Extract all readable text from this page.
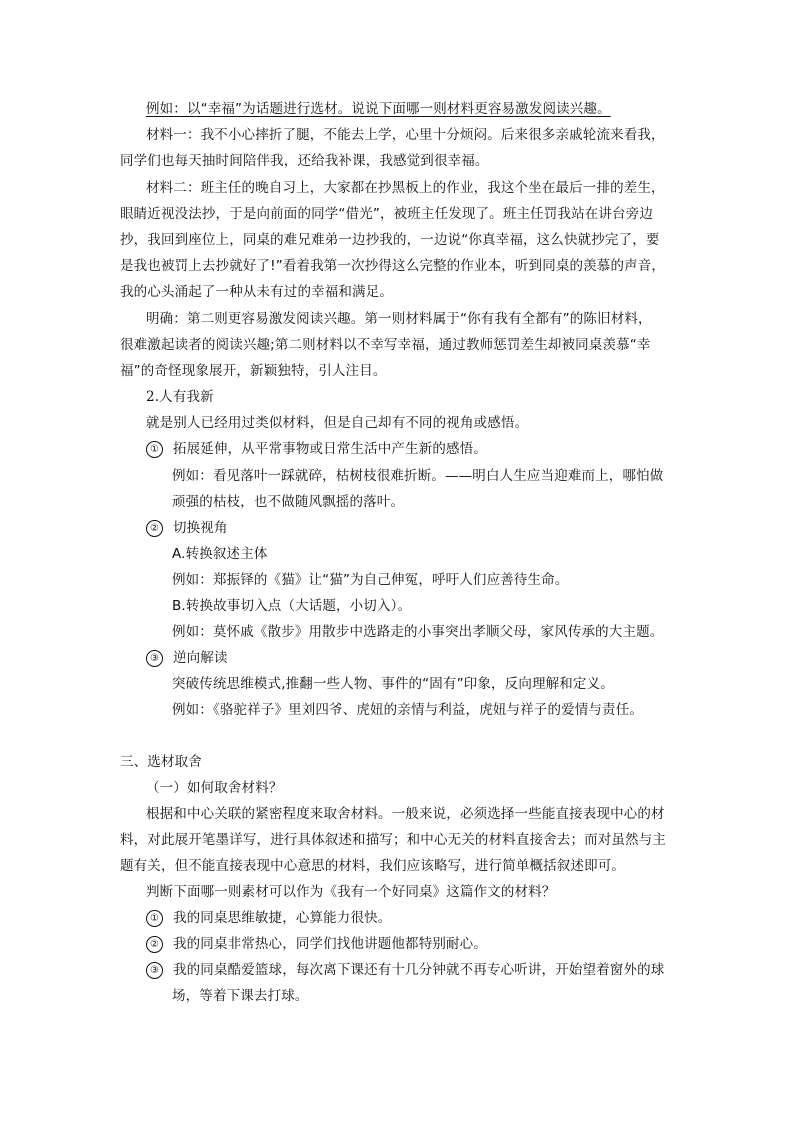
例如：以“幸福”为话题进行选材。说说下面哪一则材料更容易激发阅读兴趣。
材料一：我不小心摔折了腿，不能去上学，心里十分烦闷。后来很多亲戚轮流来看我，
同学们也每天抽时间陪伴我，还给我补课，我感觉到很幸福。
材料二：班主任的晚自习上，大家都在抄黑板上的作业，我这个坐在最后一排的差生，
眼睛近视没法抄，于是向前面的同学“借光”，被班主任发现了。班主任罚我站在讲台旁边
抄，我回到座位上，同桌的难兄难弟一边抄我的，一边说“你真幸福，这么快就抄完了，要
是我也被罚上去抄就好了!”看着我第一次抄得这么完整的作业本，听到同桌的羡慕的声音，
我的心头涌起了一种从未有过的幸福和满足。
明确：第二则更容易激发阅读兴趣。第一则材料属于“你有我有全都有”的陈旧材料，
很难激起读者的阅读兴趣;第二则材料以不幸写幸福，通过教师惩罚差生却被同桌羡慕“幸
福”的奇怪现象展开，新颖独特，引人注目。
2.人有我新
就是别人已经用过类似材料，但是自己却有不同的视角或感悟。
① 拓展延伸，从平常事物或日常生活中产生新的感悟。
例如：看见落叶一踩就碎，枯树枝很难折断。——明白人生应当迎难而上，哪怕做
顽强的枯枝，也不做随风飘摇的落叶。
② 切换视角
A.转换叙述主体
例如：郑振铎的《猫》让“猫”为自己伸冤，呼吁人们应善待生命。
B.转换故事切入点（大话题，小切入）。
例如：莫怀戚《散步》用散步中选路走的小事突出孝顺父母，家风传承的大主题。
③ 逆向解读
突破传统思维模式,推翻一些人物、事件的“固有”印象，反向理解和定义。
例如：《骆驼祥子》里刘四爷、虎妞的亲情与利益，虎妞与祥子的爱情与责任。
三、选材取舍
（一）如何取舍材料？
根据和中心关联的紧密程度来取舍材料。一般来说，必须选择一些能直接表现中心的材
料，对此展开笔墨详写，进行具体叙述和描写；和中心无关的材料直接舍去；而对虽然与主
题有关，但不能直接表现中心意思的材料，我们应该略写，进行简单概括叙述即可。
判断下面哪一则素材可以作为《我有一个好同桌》这篇作文的材料？
① 我的同桌思维敏捷，心算能力很快。
② 我的同桌非常热心，同学们找他讲题他都特别耐心。
③ 我的同桌酷爱篮球，每次离下课还有十几分钟就不再专心听讲，开始望着窗外的球
场，等着下课去打球。
